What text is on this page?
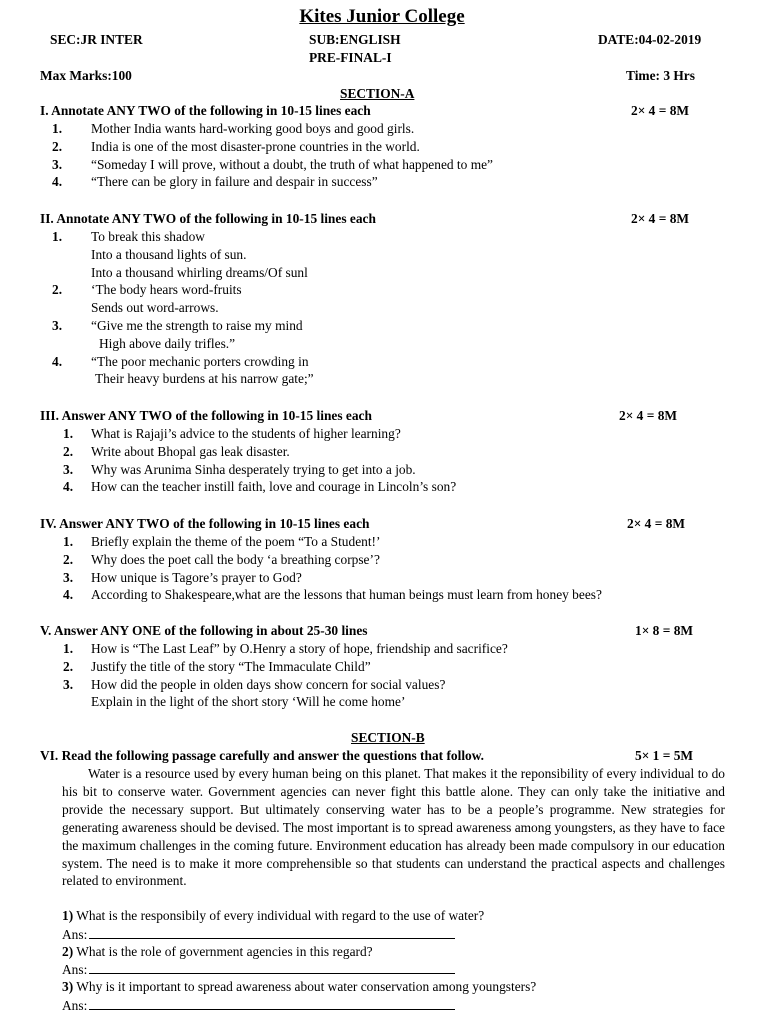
Kites Junior College
SEC:JR INTER	SUB:ENGLISH	DATE:04-02-2019
PRE-FINAL-I
Max Marks:100	Time: 3 Hrs
SECTION-A
I. Annotate ANY TWO of the following in 10-15 lines each	2× 4 = 8M
1. Mother India wants hard-working good boys and good girls.
2. India is one of the most disaster-prone countries in the world.
3. “Someday I will prove, without a doubt, the truth of what happened to me”
4. “There can be glory in failure and despair in success”
II. Annotate ANY TWO of the following in 10-15 lines each	2× 4 = 8M
1. To break this shadow
Into a thousand lights of sun.
Into a thousand whirling dreams/Of sunl
2. ‘The body hears word-fruits
Sends out word-arrows.
3. “Give me the strength to raise my mind
High above daily trifles.”
4. “The poor mechanic porters crowding in
Their heavy burdens at his narrow gate;”
III. Answer ANY TWO of the following in 10-15 lines each	2× 4 = 8M
1. What is Rajaji’s advice to the students of higher learning?
2. Write about Bhopal gas leak disaster.
3. Why was Arunima Sinha desperately trying to get into a job.
4. How can the teacher instill faith, love and courage in Lincoln’s son?
IV. Answer ANY TWO of the following in 10-15 lines each	2× 4 = 8M
1. Briefly explain the theme of the poem “To a Student!’
2. Why does the poet call the body ‘a breathing corpse’?
3. How unique is Tagore’s prayer to God?
4. According to Shakespeare,what are the lessons that human beings must learn from honey bees?
V. Answer ANY ONE of the following in about 25-30 lines	1× 8 = 8M
1. How is “The Last Leaf” by O.Henry a story of hope, friendship and sacrifice?
2. Justify the title of the story “The Immaculate Child”
3. How did the people in olden days show concern for social values?
Explain in the light of the short story ‘Will he come home’
SECTION-B
VI. Read the following passage carefully and answer the questions that follow.	5× 1 = 5M

Water is a resource used by every human being on this planet. That makes it the reponsibility of every individual to do his bit to conserve water. Government agencies can never fight this battle alone. They can only take the initiative and provide the necessary support. But ultimately conserving water has to be a people’s programme. New strategies for generating awareness should be devised. The most important is to spread awareness among youngsters, as they have to face the maximum challenges in the coming future. Environment education has already been made compulsory in our education system. The need is to make it more comprehensible so that students can understand the practical aspects and challenges related to environment.

1) What is the responsibily of every individual with regard to the use of water?
Ans:
2) What is the role of government agencies in this regard?
Ans:
3) Why is it important to spread awareness about water conservation among youngsters?
Ans:
